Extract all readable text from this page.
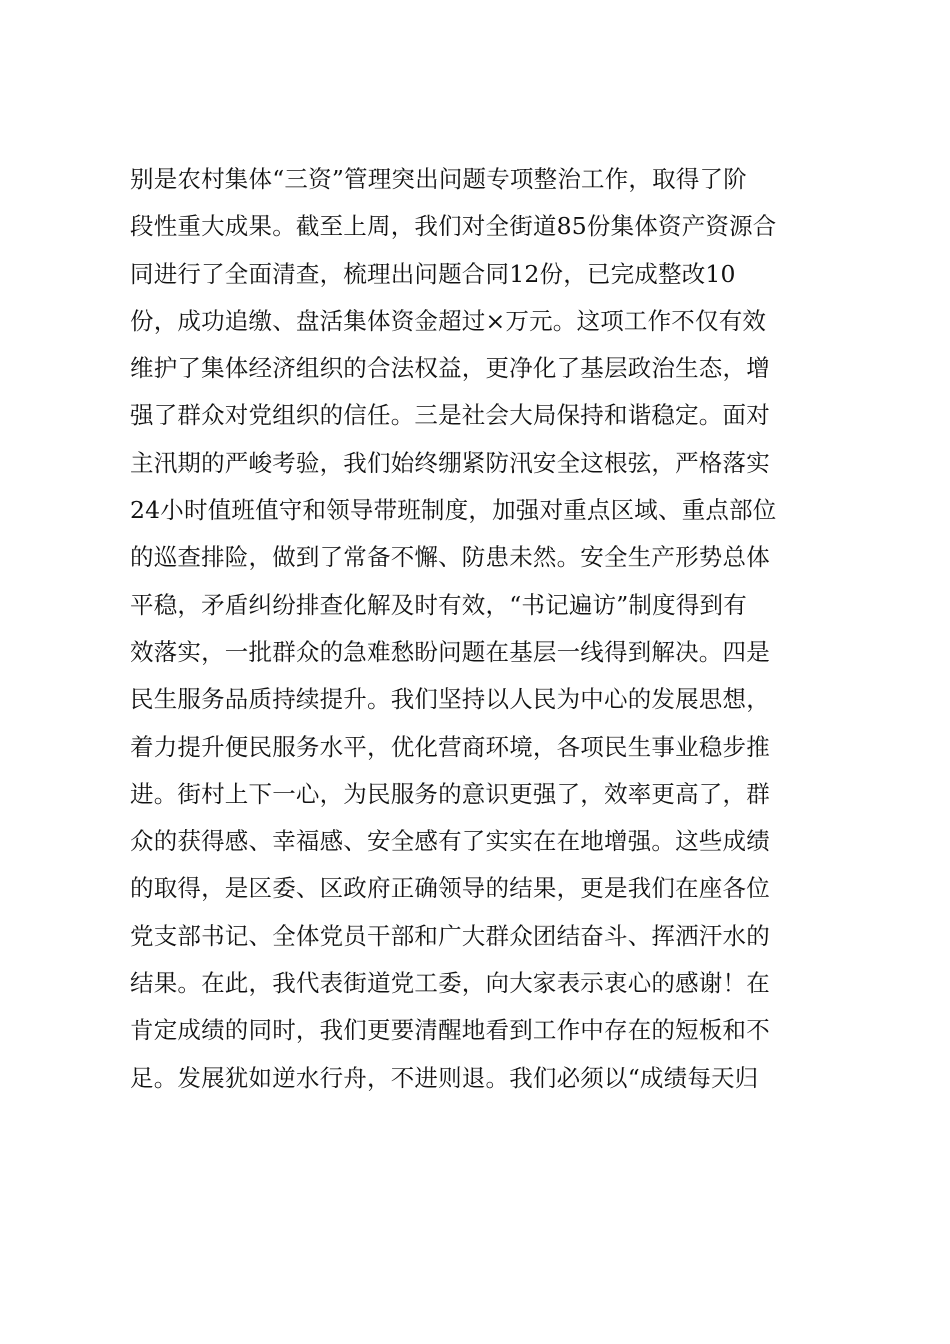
别是农村集体“三资”管理突出问题专项整治工作，取得了阶
段性重大成果。截至上周，我们对全街道85份集体资产资源合
同进行了全面清查，梳理出问题合同12份，已完成整改10
份，成功追缴、盘活集体资金超过×万元。这项工作不仅有效
维护了集体经济组织的合法权益，更净化了基层政治生态，增
强了群众对党组织的信任。三是社会大局保持和谐稳定。面对
主汛期的严峻考验，我们始终绷紧防汛安全这根弦，严格落实
24小时值班值守和领导带班制度，加强对重点区域、重点部位
的巡查排险，做到了常备不懈、防患未然。安全生产形势总体
平稳，矛盾纠纷排查化解及时有效，“书记遍访”制度得到有
效落实，一批群众的急难愁盼问题在基层一线得到解决。四是
民生服务品质持续提升。我们坚持以人民为中心的发展思想，
着力提升便民服务水平，优化营商环境，各项民生事业稳步推
进。街村上下一心，为民服务的意识更强了，效率更高了，群
众的获得感、幸福感、安全感有了实实在在地增强。这些成绩
的取得，是区委、区政府正确领导的结果，更是我们在座各位
党支部书记、全体党员干部和广大群众团结奋斗、挥洒汗水的
结果。在此，我代表街道党工委，向大家表示衷心的感谢！在
肯定成绩的同时，我们更要清醒地看到工作中存在的短板和不
足。发展犹如逆水行舟，不进则退。我们必须以“成绩每天归
